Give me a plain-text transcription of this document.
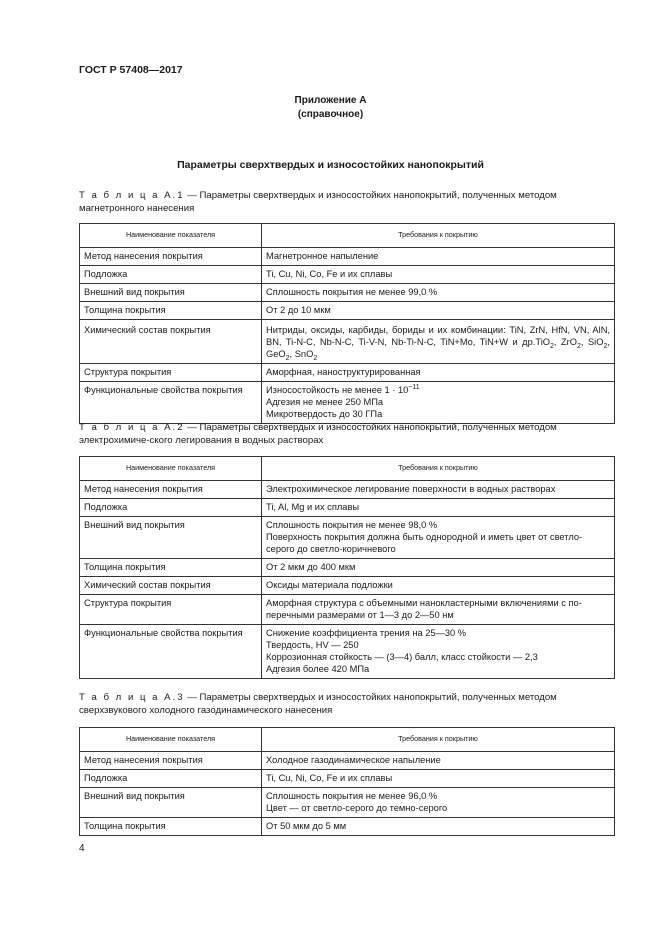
ГОСТ Р 57408—2017
Приложение А
(справочное)
Параметры сверхтвердых и износостойких нанопокрытий
Т а б л и ц а А.1 — Параметры сверхтвердых и износостойких нанопокрытий, полученных методом магнетронного нанесения
Наименование показателя	Требования к покрытию
Метод нанесения покрытия	Магнетронное напыление
Подложка	Ti, Cu, Ni, Co, Fe и их сплавы
Внешний вид покрытия	Сплошность покрытия не менее 99,0 %
Толщина покрытия	От 2 до 10 мкм
Химический состав покрытия	Нитриды, оксиды, карбиды, бориды и их комбинации: TiN, ZrN, HfN, VN, AlN, BN, Ti-N-C, Nb-N-C, Ti-V-N, Nb-Ti-N-C, TiN+Mo, TiN+W и др.TiO$_2$, ZrO$_2$, SiO$_2$, GeO$_2$, SnO$_2$
Структура покрытия	Аморфная, наноструктурированная
Функциональные свойства покрытия	Износостойкость не менее $1 \cdot 10^{-11}$
Адгезия не менее 250 МПа
Микротвердость до 30 ГПа
Т а б л и ц а А.2 — Параметры сверхтвердых и износостойких нанопокрытий, полученных методом электрохимиче-ского легирования в водных растворах
Наименование показателя	Требования к покрытию
Метод нанесения покрытия	Электрохимическое легирование поверхности в водных растворах

Подложка	Ti, Al, Mg и их сплавы

Внешний вид покрытия	Сплошность покрытия не менее 98,0 %
Поверхность покрытия должна быть однородной и иметь цвет от светло-
серого до светло-коричневого

Толщина покрытия	От 2 мкм до 400 мкм

Химический состав покрытия	Оксиды материала подложки

Структура покрытия	Аморфная структура с объемными нанокластерными включениями с по-
перечными размерами от 1—3 до 2—50 нм

Функциональные свойства покрытия	Снижение коэффициента трения на 25—30 %
Твердость, HV — 250
Коррозионная стойкость — (3—4) балл, класс стойкости — 2,3
Адгезия более 420 МПа
Т а б л и ц а А.3 — Параметры сверхтвердых и износостойких нанопокрытий, полученных методом сверхзвукового холодного газодинамического нанесения
Наименование показателя	Требования к покрытию
Метод нанесения покрытия	Холодное газодинамическое напыление

Подложка	Ti, Cu, Ni, Co, Fe и их сплавы

Внешний вид покрытия	Сплошность покрытия не менее 96,0 %
Цвет — от светло-серого до темно-серого

Толщина покрытия	От 50 мкм до 5 мм
4
